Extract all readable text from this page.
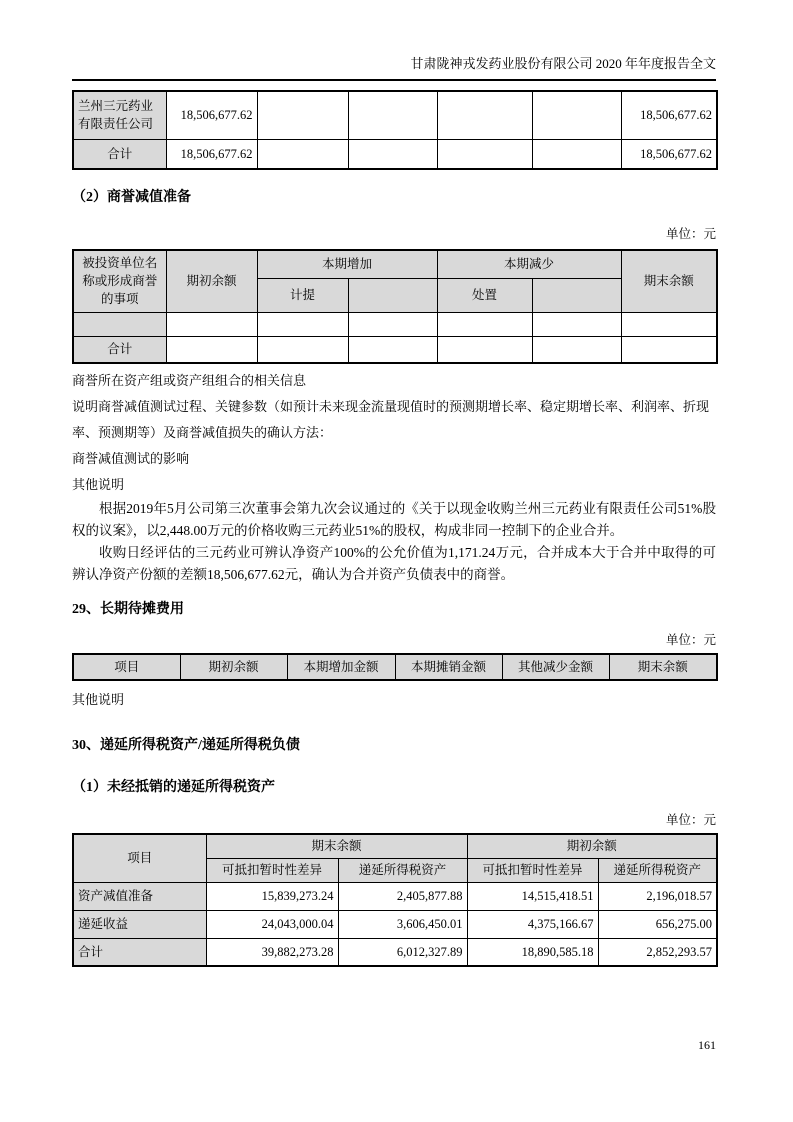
甘肃陇神戎发药业股份有限公司 2020 年年度报告全文
兰州三元药业有限责任公司	18,506,677.62					18,506,677.62
合计	18,506,677.62					18,506,677.62
（2）商誉减值准备
单位：元
被投资单位名称或形成商誉的事项	期初余额	本期增加		本期减少		期末余额
		计提		处置		

合计						
商誉所在资产组或资产组组合的相关信息
说明商誉减值测试过程、关键参数（如预计未来现金流量现值时的预测期增长率、稳定期增长率、利润率、折现率、预测期等）及商誉减值损失的确认方法：
商誉减值测试的影响
其他说明
根据2019年5月公司第三次董事会第九次会议通过的《关于以现金收购兰州三元药业有限责任公司51%股权的议案》，以2,448.00万元的价格收购三元药业51%的股权，构成非同一控制下的企业合并。
收购日经评估的三元药业可辨认净资产100%的公允价值为1,171.24万元，合并成本大于合并中取得的可辨认净资产份额的差额18,506,677.62元，确认为合并资产负债表中的商誉。
29、长期待摊费用
单位：元
项目	期初余额	本期增加金额	本期摊销金额	其他减少金额	期末余额
其他说明
30、递延所得税资产/递延所得税负债
（1）未经抵销的递延所得税资产
单位：元
项目	期末余额		期初余额	
	可抵扣暂时性差异	递延所得税资产	可抵扣暂时性差异	递延所得税资产
资产减值准备	15,839,273.24	2,405,877.88	14,515,418.51	2,196,018.57
递延收益	24,043,000.04	3,606,450.01	4,375,166.67	656,275.00
合计	39,882,273.28	6,012,327.89	18,890,585.18	2,852,293.57
161
